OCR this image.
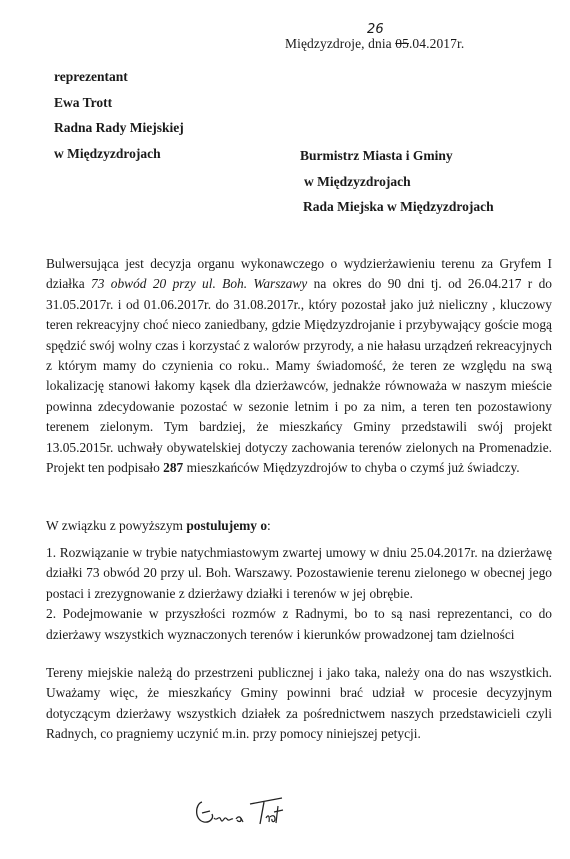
Międzyzdroje, dnia 05.04.2017r.
26
reprezentant
Ewa Trott
Radna Rady Miejskiej
w Międzyzdrojach	Burmistrz Miasta i Gminy
w Międzyzdrojach
Rada Miejska w Międzyzdrojach
Bulwersująca jest decyzja organu wykonawczego o wydzierżawieniu terenu za Gryfem I działka 73 obwód 20 przy ul. Boh. Warszawy na okres do 90 dni tj. od 26.04.217 r do 31.05.2017r. i od 01.06.2017r. do 31.08.2017r., który pozostał jako już nieliczny , kluczowy teren rekreacyjny choć nieco zaniedbany, gdzie Międzyzdrojanie i przybywający goście mogą spędzić swój wolny czas i korzystać z walorów przyrody, a nie hałasu urządzeń rekreacyjnych z którym mamy do czynienia co roku.. Mamy świadomość, że teren ze względu na swą lokalizację stanowi łakomy kąsek dla dzierżawców, jednakże równoważa w naszym mieście powinna zdecydowanie pozostać w sezonie letnim i po za nim, a teren ten pozostawiony terenem zielonym. Tym bardziej, że mieszkańcy Gminy przedstawili swój projekt 13.05.2015r. uchwały obywatelskiej dotyczy zachowania terenów zielonych na Promenadzie. Projekt ten podpisało 287 mieszkańców Międzyzdrojów to chyba o czymś już świadczy.
W związku z powyższym postulujemy o:
1. Rozwiązanie w trybie natychmiastowym zwartej umowy w dniu 25.04.2017r. na dzierżawę działki 73 obwód 20 przy ul. Boh. Warszawy. Pozostawienie terenu zielonego w obecnej jego postaci i zrezygnowanie z dzierżawy działki i terenów w jej obrębie.
2. Podejmowanie w przyszłości rozmów z Radnymi, bo to są nasi reprezentanci, co do dzierżawy wszystkich wyznaczonych terenów i kierunków prowadzonej tam dzielności
Tereny miejskie należą do przestrzeni publicznej i jako taka, należy ona do nas wszystkich. Uważamy więc, że mieszkańcy Gminy powinni brać udział w procesie decyzyjnym dotyczącym dzierżawy wszystkich działek za pośrednictwem naszych przedstawicieli czyli Radnych, co pragniemy uczynić m.in. przy pomocy niniejszej petycji.
